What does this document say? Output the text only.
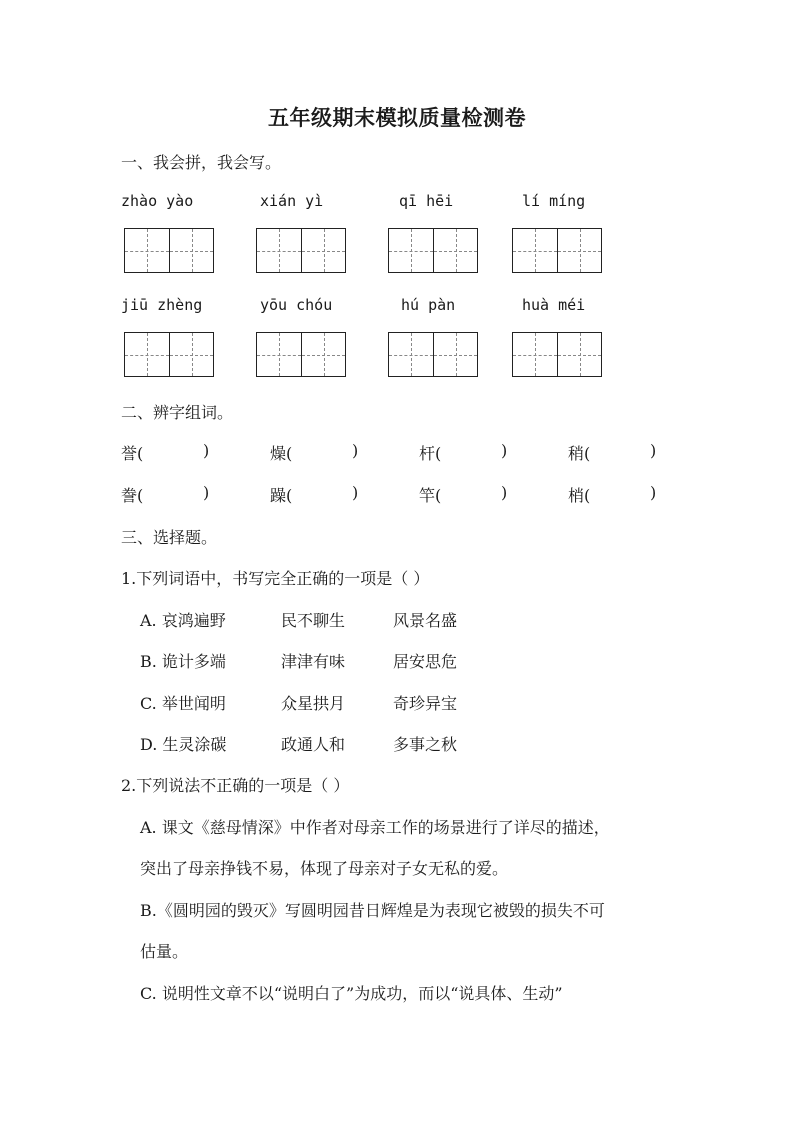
五年级期末模拟质量检测卷
一、我会拼，我会写。
zhào yào	xián yì	qī hēi	lí míng
jiū zhèng	yōu chóu	hú pàn	huà méi
二、辨字组词。
誉(	)	燥(	)	杆(	)	稍(	)
誊(	)	躁(	)	竿(	)	梢(	)
三、选择题。
1.下列词语中，书写完全正确的一项是（ ）
A. 哀鸿遍野	民不聊生	风景名盛
B. 诡计多端	津津有味	居安思危
C. 举世闻明	众星拱月	奇珍异宝
D. 生灵涂碳	政通人和	多事之秋
2.下列说法不正确的一项是（ ）
A. 课文《慈母情深》中作者对母亲工作的场景进行了详尽的描述，
突出了母亲挣钱不易，体现了母亲对子女无私的爱。
B.《圆明园的毁灭》写圆明园昔日辉煌是为表现它被毁的损失不可
估量。
C. 说明性文章不以“说明白了”为成功，而以“说具体、生动”
